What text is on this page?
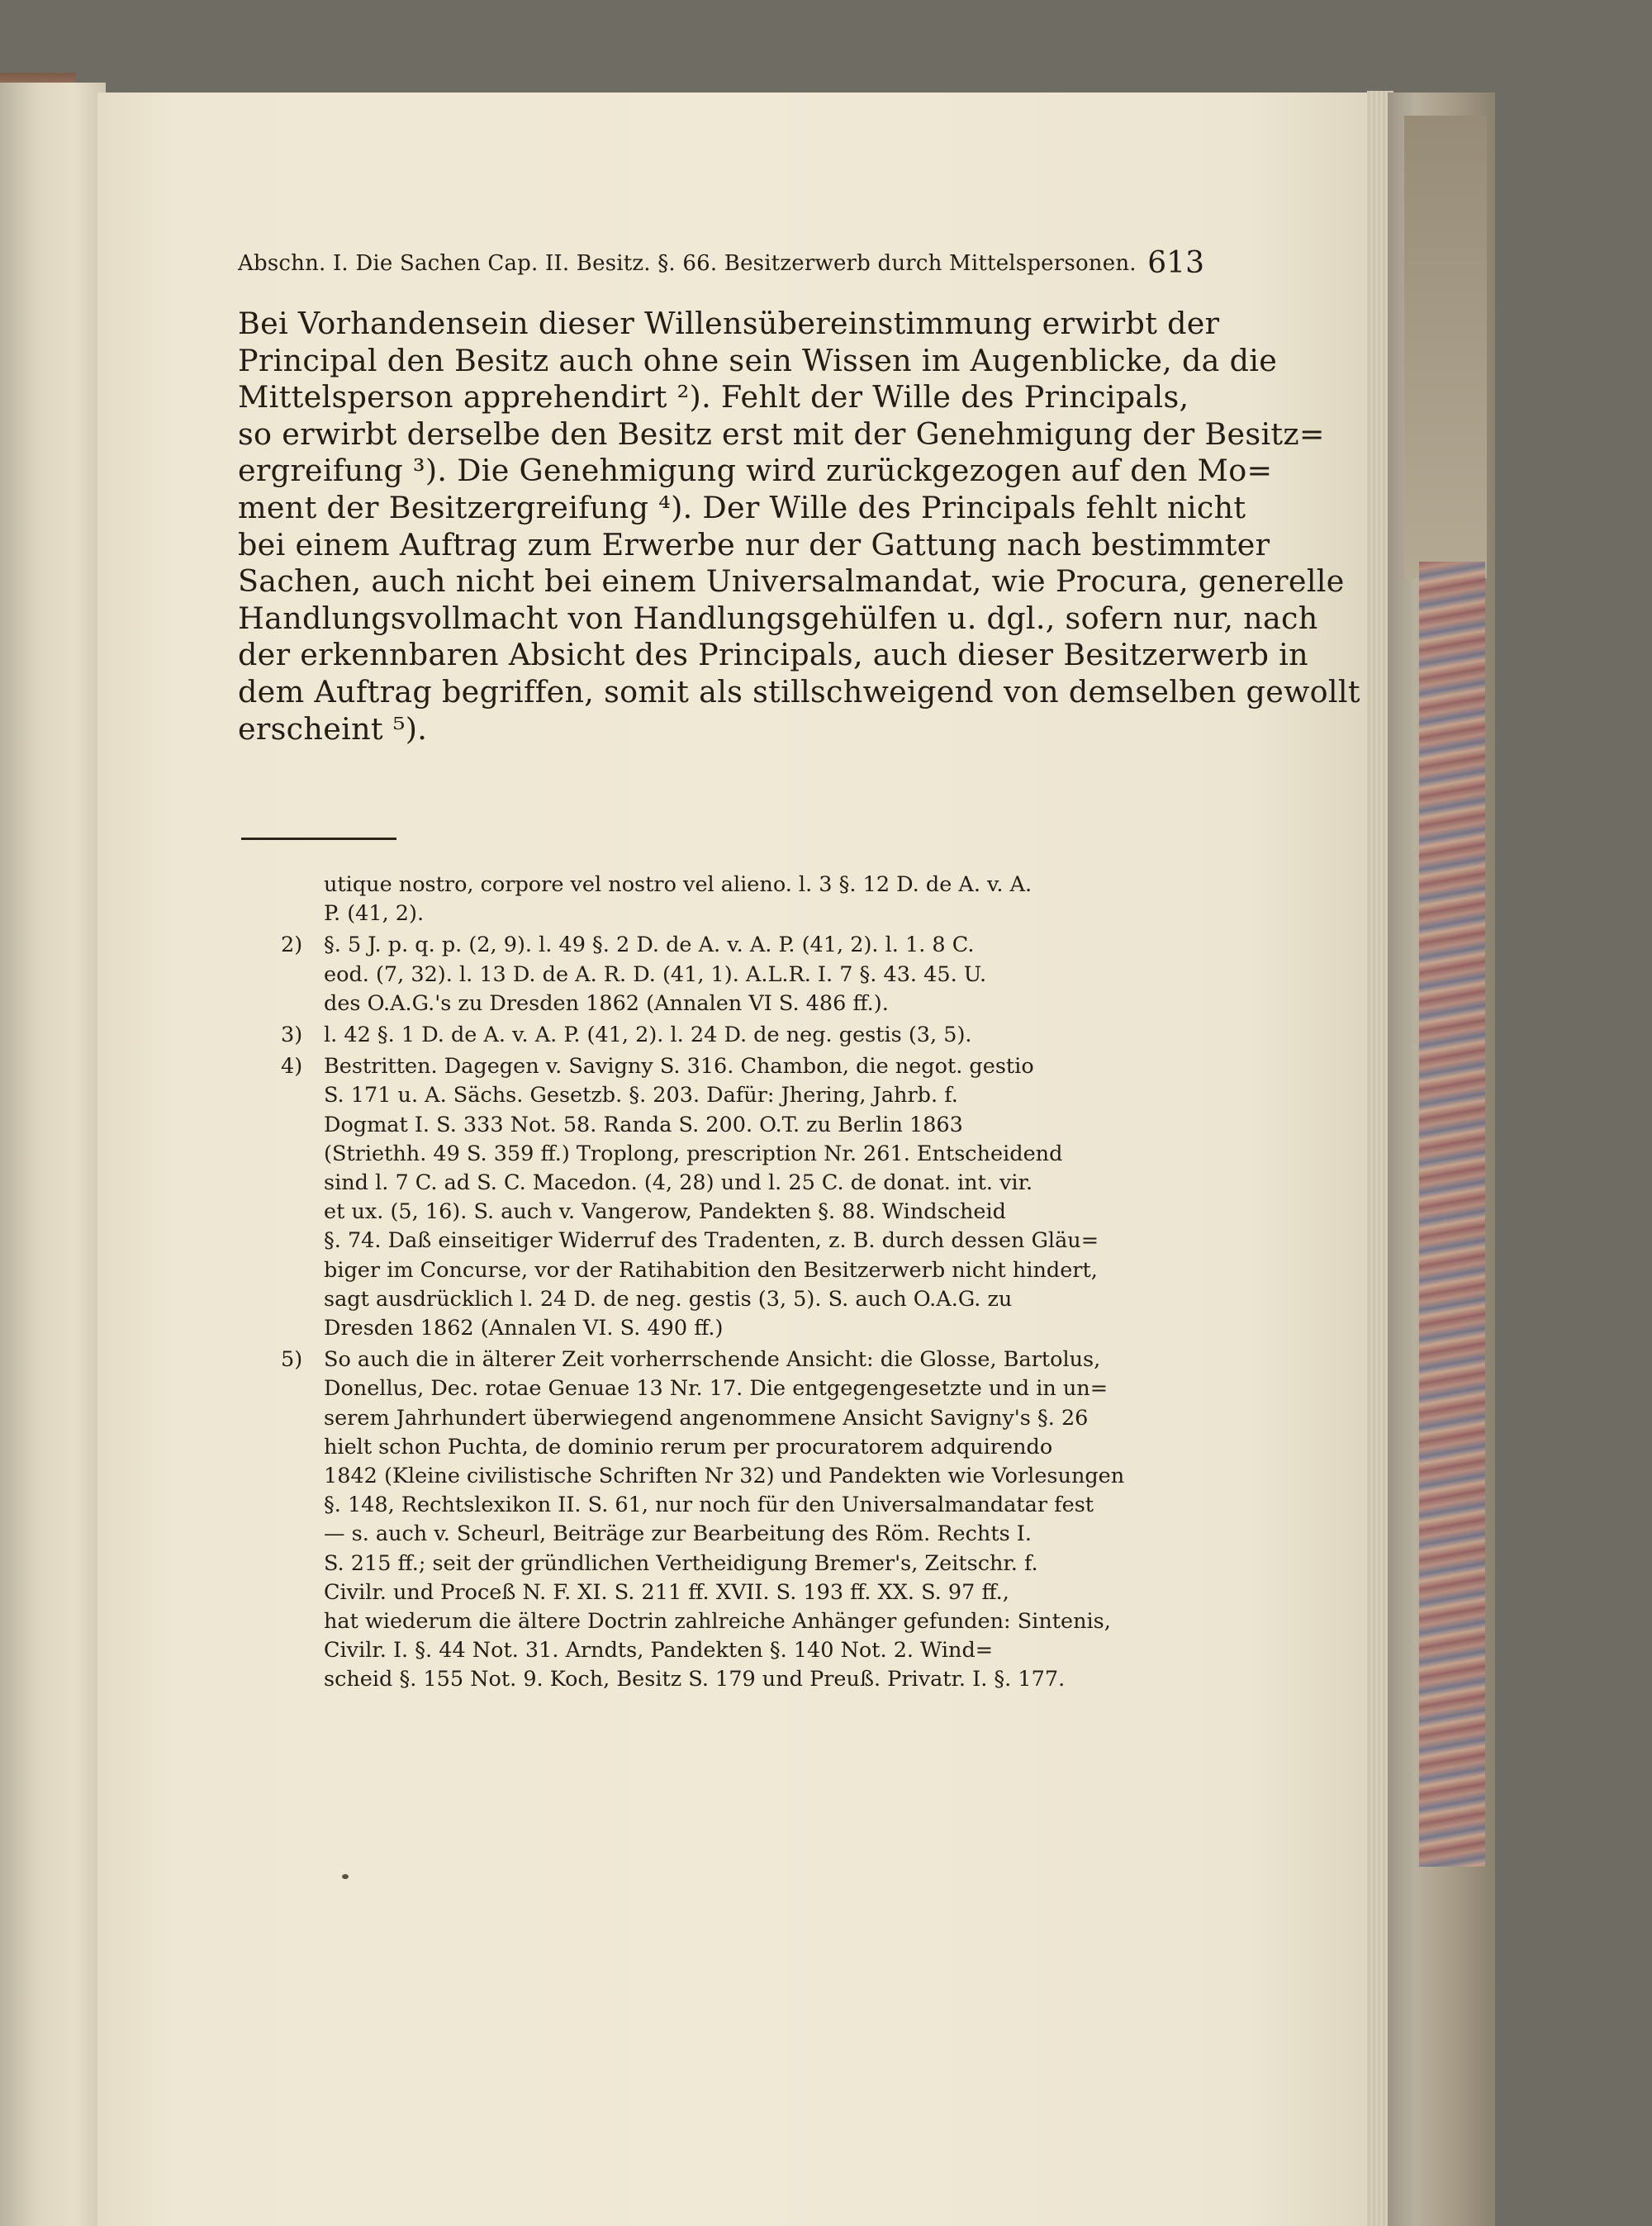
Abschn. I. Die Sachen Cap. II. Besitz. §. 66. Besitzerwerb durch Mittelspersonen. 613

Bei Vorhandensein dieser Willensübereinstimmung erwirbt der

Principal den Besitz auch ohne sein Wissen im Augenblicke, da die

Mittelsperson apprehendirt ²). Fehlt der Wille des Principals,

so erwirbt derselbe den Besitz erst mit der Genehmigung der Besitz=

ergreifung ³). Die Genehmigung wird zurückgezogen auf den Mo=

ment der Besitzergreifung ⁴). Der Wille des Principals fehlt nicht

bei einem Auftrag zum Erwerbe nur der Gattung nach bestimmter

Sachen, auch nicht bei einem Universalmandat, wie Procura, generelle

Handlungsvollmacht von Handlungsgehülfen u. dgl., sofern nur, nach

der erkennbaren Absicht des Principals, auch dieser Besitzerwerb in

dem Auftrag begriffen, somit als stillschweigend von demselben gewollt

erscheint ⁵).

utique nostro, corpore vel nostro vel alieno. l. 3 §. 12 D. de A. v. A.

P. (41, 2).

2) §. 5 J. p. q. p. (2, 9). l. 49 §. 2 D. de A. v. A. P. (41, 2). l. 1. 8 C.

eod. (7, 32). l. 13 D. de A. R. D. (41, 1). A.L.R. I. 7 §. 43. 45. U.

des O.A.G.'s zu Dresden 1862 (Annalen VI S. 486 ff.).

3) l. 42 §. 1 D. de A. v. A. P. (41, 2). l. 24 D. de neg. gestis (3, 5).

4) Bestritten. Dagegen v. Savigny S. 316. Chambon, die negot. gestio

S. 171 u. A. Sächs. Gesetzb. §. 203. Dafür: Jhering, Jahrb. f.

Dogmat I. S. 333 Not. 58. Randa S. 200. O.T. zu Berlin 1863

(Striethh. 49 S. 359 ff.) Troplong, prescription Nr. 261. Entscheidend

sind l. 7 C. ad S. C. Macedon. (4, 28) und l. 25 C. de donat. int. vir.

et ux. (5, 16). S. auch v. Vangerow, Pandekten §. 88. Windscheid

§. 74. Daß einseitiger Widerruf des Tradenten, z. B. durch dessen Gläu=

biger im Concurse, vor der Ratihabition den Besitzerwerb nicht hindert,

sagt ausdrücklich l. 24 D. de neg. gestis (3, 5). S. auch O.A.G. zu

Dresden 1862 (Annalen VI. S. 490 ff.)

5) So auch die in älterer Zeit vorherrschende Ansicht: die Glosse, Bartolus,

Donellus, Dec. rotae Genuae 13 Nr. 17. Die entgegengesetzte und in un=

serem Jahrhundert überwiegend angenommene Ansicht Savigny's §. 26

hielt schon Puchta, de dominio rerum per procuratorem adquirendo

1842 (Kleine civilistische Schriften Nr 32) und Pandekten wie Vorlesungen

§. 148, Rechtslexikon II. S. 61, nur noch für den Universalmandatar fest

— s. auch v. Scheurl, Beiträge zur Bearbeitung des Röm. Rechts I.

S. 215 ff.; seit der gründlichen Vertheidigung Bremer's, Zeitschr. f.

Civilr. und Proceß N. F. XI. S. 211 ff. XVII. S. 193 ff. XX. S. 97 ff.,

hat wiederum die ältere Doctrin zahlreiche Anhänger gefunden: Sintenis,

Civilr. I. §. 44 Not. 31. Arndts, Pandekten §. 140 Not. 2. Wind=

scheid §. 155 Not. 9. Koch, Besitz S. 179 und Preuß. Privatr. I. §. 177.
